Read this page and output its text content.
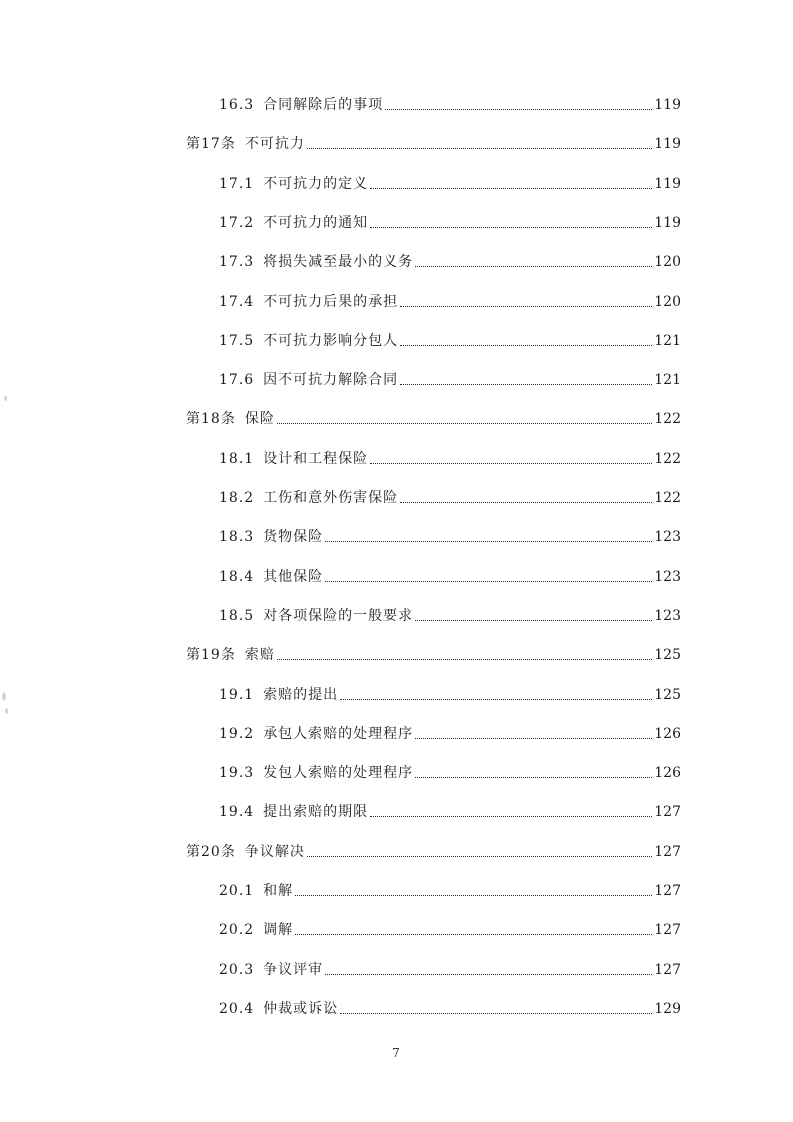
16.3 合同解除后的事项	119
第17条 不可抗力	119
17.1 不可抗力的定义	119
17.2 不可抗力的通知	119
17.3 将损失减至最小的义务	120
17.4 不可抗力后果的承担	120
17.5 不可抗力影响分包人	121
17.6 因不可抗力解除合同	121
第18条 保险	122
18.1 设计和工程保险	122
18.2 工伤和意外伤害保险	122
18.3 货物保险	123
18.4 其他保险	123
18.5 对各项保险的一般要求	123
第19条 索赔	125
19.1 索赔的提出	125
19.2 承包人索赔的处理程序	126
19.3 发包人索赔的处理程序	126
19.4 提出索赔的期限	127
第20条 争议解决	127
20.1 和解	127
20.2 调解	127
20.3 争议评审	127
20.4 仲裁或诉讼	129
7
